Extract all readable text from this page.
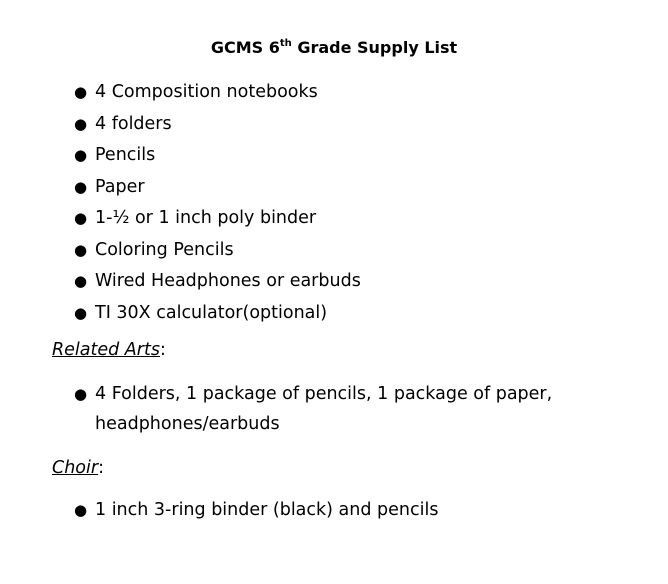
GCMS 6th Grade Supply List
● 4 Composition notebooks
● 4 folders
● Pencils
● Paper
● 1-½ or 1 inch poly binder
● Coloring Pencils
● Wired Headphones or earbuds
● TI 30X calculator(optional)
Related Arts:
● 4 Folders, 1 package of pencils, 1 package of paper, headphones/earbuds
Choir:
● 1 inch 3-ring binder (black) and pencils
